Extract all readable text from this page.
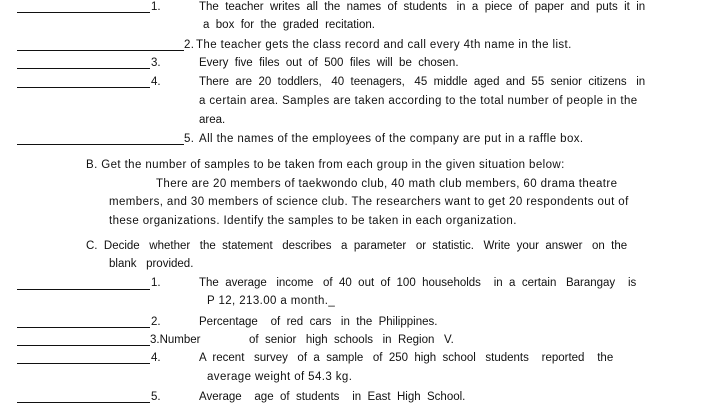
1.	The  teacher  writes  all  the  names  of  students   in  a  piece  of  paper  and  puts  it  in
a  box  for  the  graded  recitation.
2. The teacher gets the class record and call every 4th name in the list.
3.	Every  five  files  out  of  500  files  will  be  chosen.
4.	There  are  20  toddlers,   40  teenagers,   45  middle  aged  and  55  senior  citizens   in
a certain area. Samples are taken according to the total number of people in the
area.
5. All the names of the employees of the company are put in a raffle box.
B. Get the number of samples to be taken from each group in the given situation below:
There are 20 members of taekwondo club, 40 math club members, 60 drama theatre
members, and 30 members of science club. The researchers want to get 20 respondents out of
these organizations. Identify the samples to be taken in each organization.
C.  Decide   whether   the  statement   describes   a  parameter   or  statistic.   Write  your  answer   on  the
blank   provided.
1.	The  average   income   of  40  out  of  100  households    in  a  certain   Barangay    is
P 12, 213.00 a month._
2.	Percentage    of  red  cars   in  the  Philippines.
3.Number	of  senior   high  schools   in  Region   V.
4.	A  recent   survey   of  a  sample   of  250  high  school   students    reported    the
average weight of 54.3 kg.
5.	Average    age  of  students    in  East  High  School.
